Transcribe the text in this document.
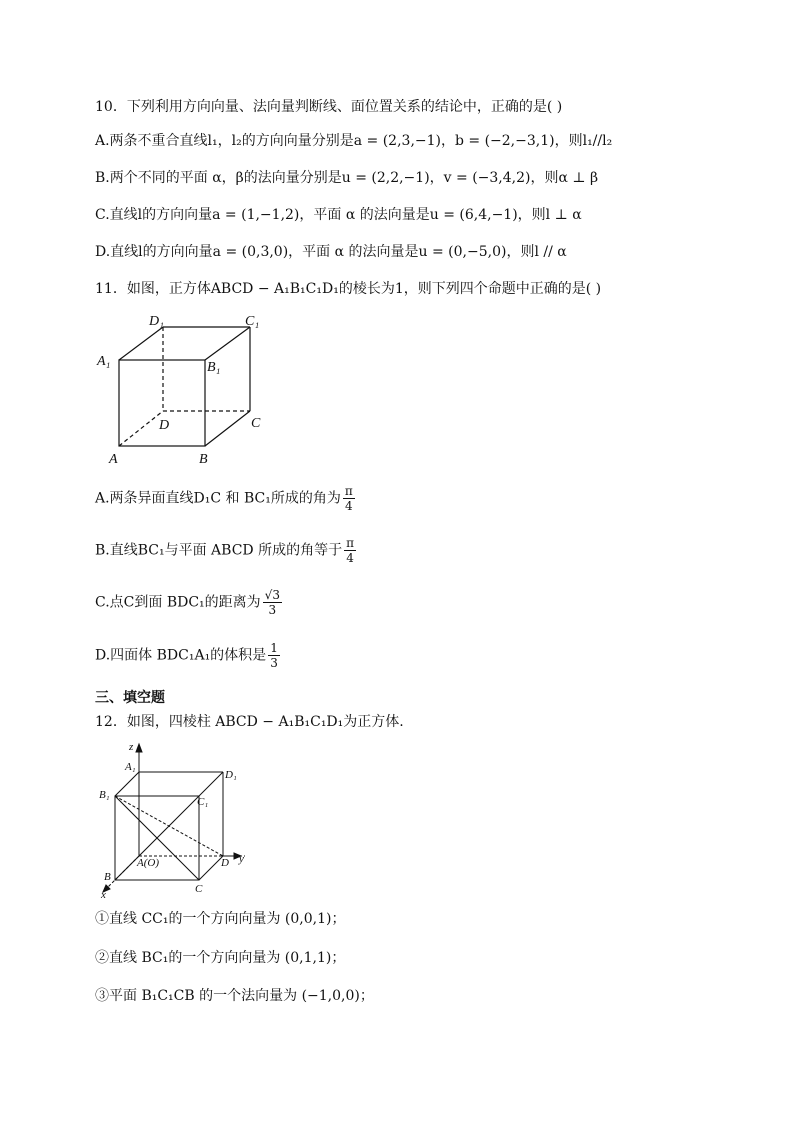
10．下列利用方向向量、法向量判断线、面位置关系的结论中，正确的是( )
A.两条不重合直线l₁，l₂的方向向量分别是a = (2,3,−1)，b = (−2,−3,1)，则l₁//l₂
B.两个不同的平面 α，β的法向量分别是u = (2,2,−1)，v = (−3,4,2)，则α ⊥ β
C.直线l的方向向量a = (1,−1,2)，平面 α 的法向量是u = (6,4,−1)，则l ⊥ α
D.直线l的方向向量a = (0,3,0)，平面 α 的法向量是u = (0,−5,0)，则l // α
11．如图，正方体ABCD − A₁B₁C₁D₁的棱长为1，则下列四个命题中正确的是( )
D₁	C₁
A₁	B₁
D	C
A	B
A.两条异面直线D₁C 和 BC₁所成的角为 $\frac{\pi}{4}$
B.直线BC₁与平面 ABCD 所成的角等于 $\frac{\pi}{4}$
C.点C到面 BDC₁的距离为 $\frac{√3}{3}$
D.四面体 BDC₁A₁的体积是 $\frac{1}{3}$
三、填空题
12．如图，四棱柱 ABCD − A₁B₁C₁D₁为正方体.
z
A₁
D₁
B₁
C₁
A(O)	D y
B
C
x
①直线 CC₁的一个方向向量为 (0,0,1)；
②直线 BC₁的一个方向向量为 (0,1,1)；
③平面 B₁C₁CB 的一个法向量为 (−1,0,0)；
